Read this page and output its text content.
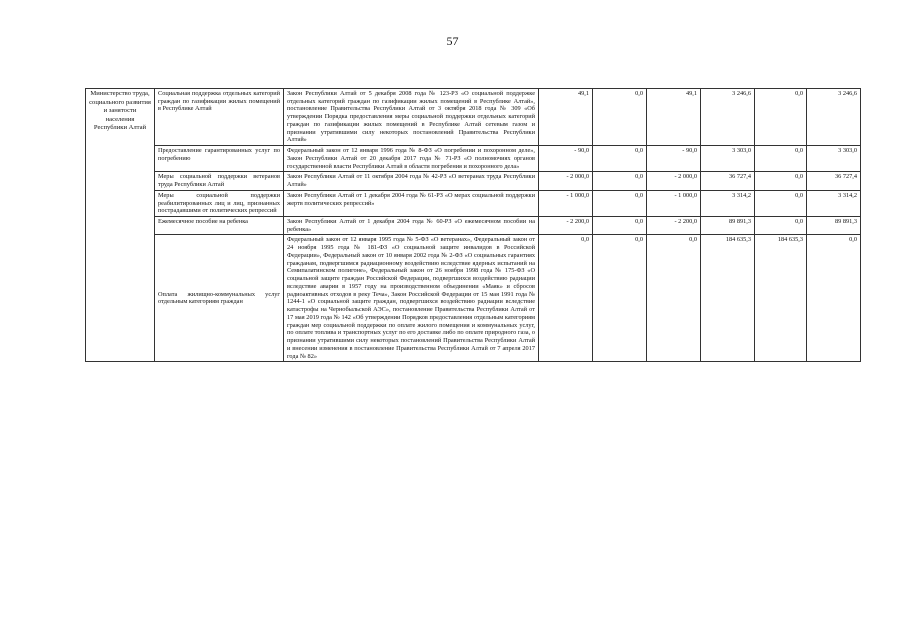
57
Министерство труда, социального развития и занятости населения Республики Алтай	Социальная поддержка отдельных категорий граждан по газификации жилых помещений в Республике Алтай	Закон Республики Алтай от 5 декабря 2008 года № 123-РЗ «О социальной поддержке отдельных категорий граждан по газификации жилых помещений в Республике Алтай», постановление Правительства Республики Алтай от 3 октября 2018 года № 309 «Об утверждении Порядка предоставления меры социальной поддержки отдельных категорий граждан по газификации жилых помещений в Республике Алтай сетевым газом и признании утратившими силу некоторых постановлений Правительства Республики Алтай»	49,1	0,0	49,1	3 246,6	0,0	3 246,6
	Предоставление гарантированных услуг по погребению	Федеральный закон от 12 января 1996 года № 8-ФЗ «О погребении и похоронном деле», Закон Республики Алтай от 20 декабря 2017 года № 71-РЗ «О полномочиях органов государственной власти Республики Алтай в области погребения и похоронного дела»	- 90,0	0,0	- 90,0	3 303,0	0,0	3 303,0
	Меры социальной поддержки ветеранов труда Республики Алтай	Закон Республики Алтай от 11 октября 2004 года № 42-РЗ «О ветеранах труда Республики Алтай»	- 2 000,0	0,0	- 2 000,0	36 727,4	0,0	36 727,4
	Меры социальной поддержки реабилитированных лиц и лиц, признанных пострадавшими от политических репрессий	Закон Республики Алтай от 1 декабря 2004 года № 61-РЗ «О мерах социальной поддержки жертв политических репрессий»	- 1 000,0	0,0	- 1 000,0	3 314,2	0,0	3 314,2
	Ежемесячное пособие на ребенка	Закон Республики Алтай от 1 декабря 2004 года № 60-РЗ «О ежемесячном пособии на ребенка»	- 2 200,0	0,0	- 2 200,0	89 891,3	0,0	89 891,3
	Оплата жилищно-коммунальных услуг отдельным категориям граждан	Федеральный закон от 12 января 1995 года № 5-ФЗ «О ветеранах», Федеральный закон от 24 ноября 1995 года № 181-ФЗ «О социальной защите инвалидов в Российской Федерации», Федеральный закон от 10 января 2002 года № 2-ФЗ «О социальных гарантиях гражданам, подвергшимся радиационному воздействию вследствие ядерных испытаний на Семипалатинском полигоне», Федеральный закон от 26 ноября 1998 года № 175-ФЗ «О социальной защите граждан Российской Федерации, подвергшихся воздействию радиации вследствие аварии в 1957 году на производственном объединении «Маяк» и сбросов радиоактивных отходов в реку Теча», Закон Российской Федерации от 15 мая 1991 года № 1244-1 «О социальной защите граждан, подвергшихся воздействию радиации вследствие катастрофы на Чернобыльской АЭС», постановление Правительства Республики Алтай от 17 мая 2019 года № 142 «Об утверждении Порядков предоставления отдельным категориям граждан мер социальной поддержки по оплате жилого помещения и коммунальных услуг, по оплате топлива и транспортных услуг по его доставке либо по оплате природного газа, о признании утратившими силу некоторых постановлений Правительства Республики Алтай и внесении изменения в постановление Правительства Республики Алтай от 7 апреля 2017 года № 82»	0,0	0,0	0,0	184 635,3	184 635,3	0,0
